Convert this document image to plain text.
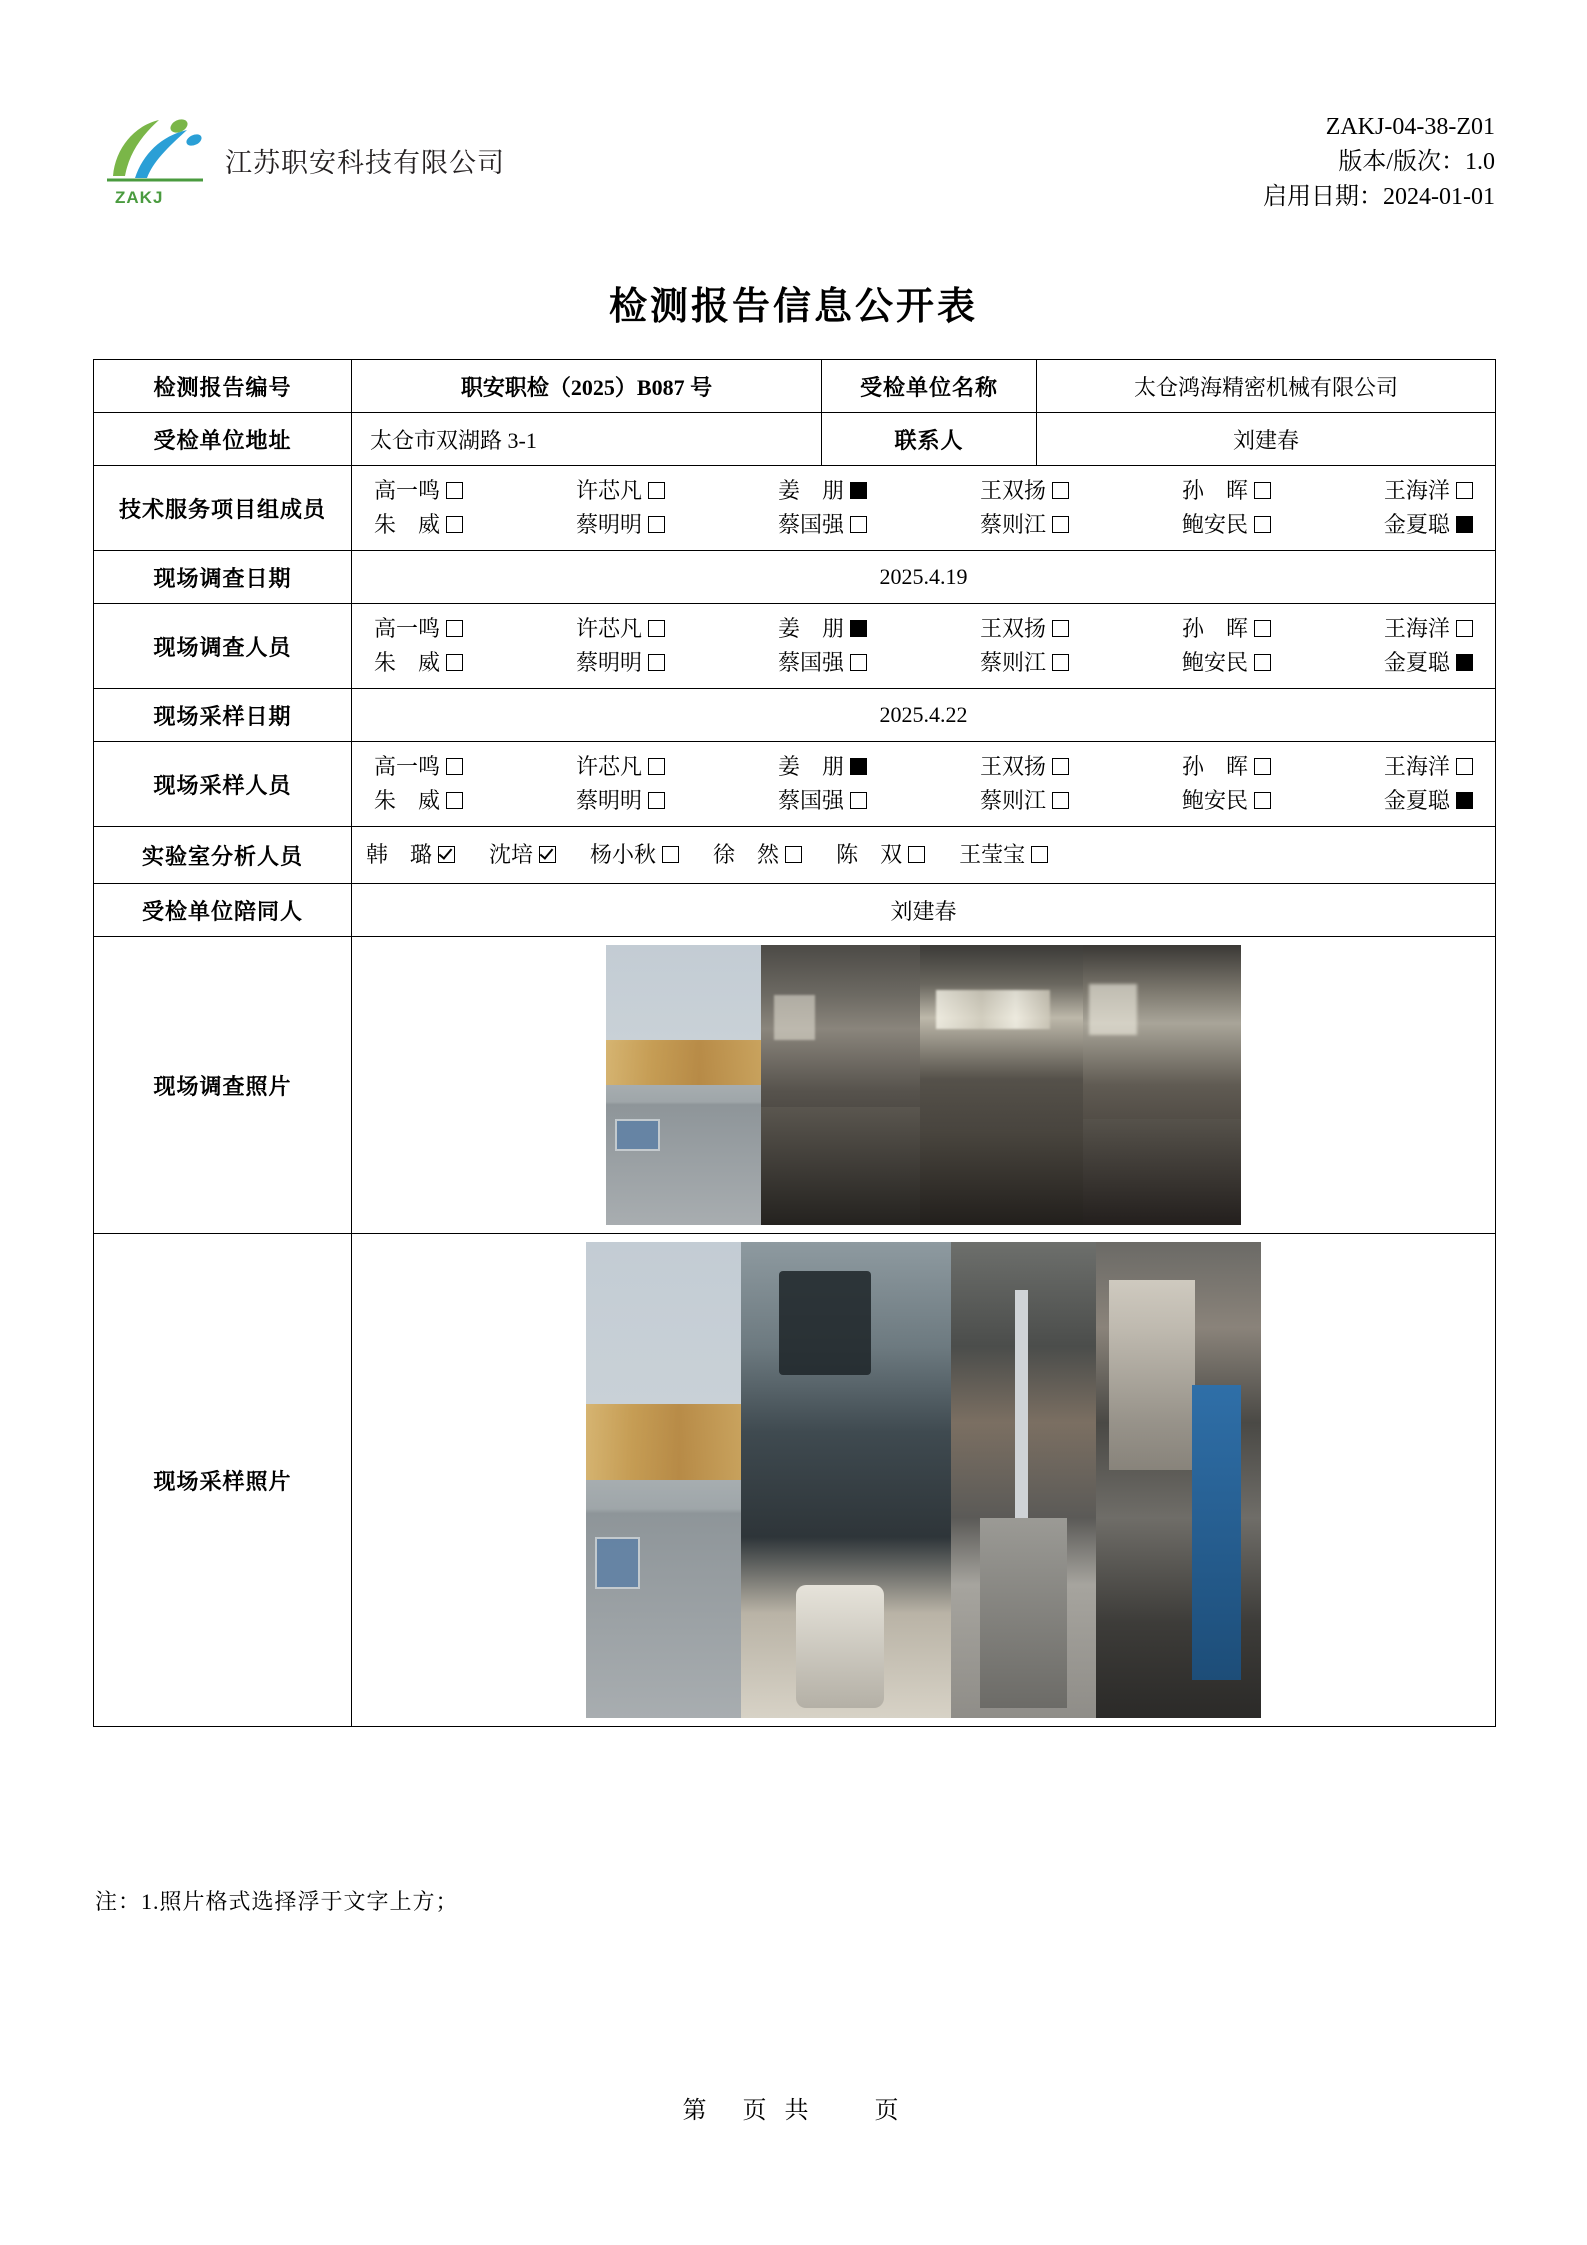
ZAKJ
江苏职安科技有限公司
ZAKJ-04-38-Z01
版本/版次：1.0
启用日期：2024-01-01
检测报告信息公开表
检测报告编号	职安职检（2025）B087 号	受检单位名称	太仓鸿海精密机械有限公司
受检单位地址	太仓市双湖路 3-1	联系人	刘建春
技术服务项目组成员	
高一鸣	许芯凡	姜　朋	王双扬	孙　晖	王海洋
朱　威	蔡明明	蔡国强	蔡则江	鲍安民	金夏聪

现场调查日期	2025.4.19		
现场调查人员	
高一鸣	许芯凡	姜　朋	王双扬	孙　晖	王海洋
朱　威	蔡明明	蔡国强	蔡则江	鲍安民	金夏聪

现场采样日期	2025.4.22		
现场采样人员	
高一鸣	许芯凡	姜　朋	王双扬	孙　晖	王海洋
朱　威	蔡明明	蔡国强	蔡则江	鲍安民	金夏聪

实验室分析人员	韩　璐	沈培	杨小秋	徐　然	陈　双	王莹宝

受检单位陪同人	刘建春		
现场调查照片			

现场采样照片			
注：1.照片格式选择浮于文字上方；
第　页 共　　页
